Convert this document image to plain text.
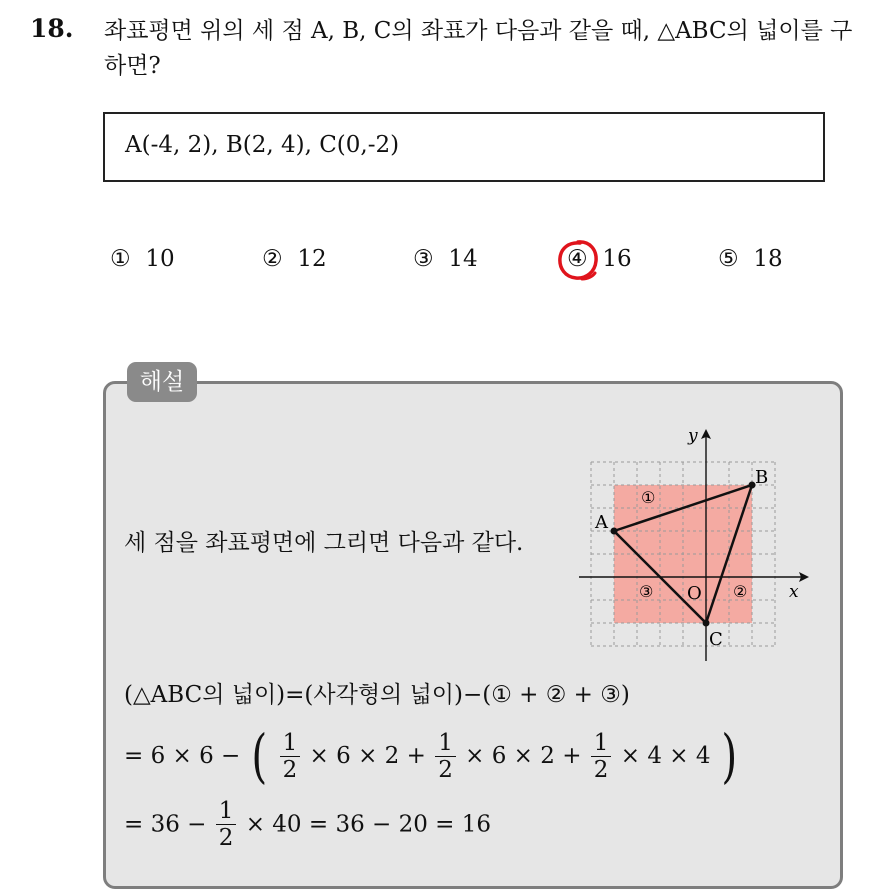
18. 좌표평면 위의 세 점 A, B, C의 좌표가 다음과 같을 때, △ABC의 넓이를 구하면?
A(-4, 2), B(2, 4), C(0,-2)
① 10	② 12	③ 14	④ 16	⑤ 18
해설
세 점을 좌표평면에 그리면 다음과 같다.
x
y
O
A
B
C
①
②
③
(△ABC의 넓이)=(사각형의 넓이)−(① + ② + ③)
= 6 × 6 − ( $\frac{1}{2} \times 6 \times 2 + \frac{1}{2} \times 6 \times 2 + \frac{1}{2} \times 4 \times 4$ )
= $36 - \frac{1}{2} \times 40 = 36 - 20 = 16$
